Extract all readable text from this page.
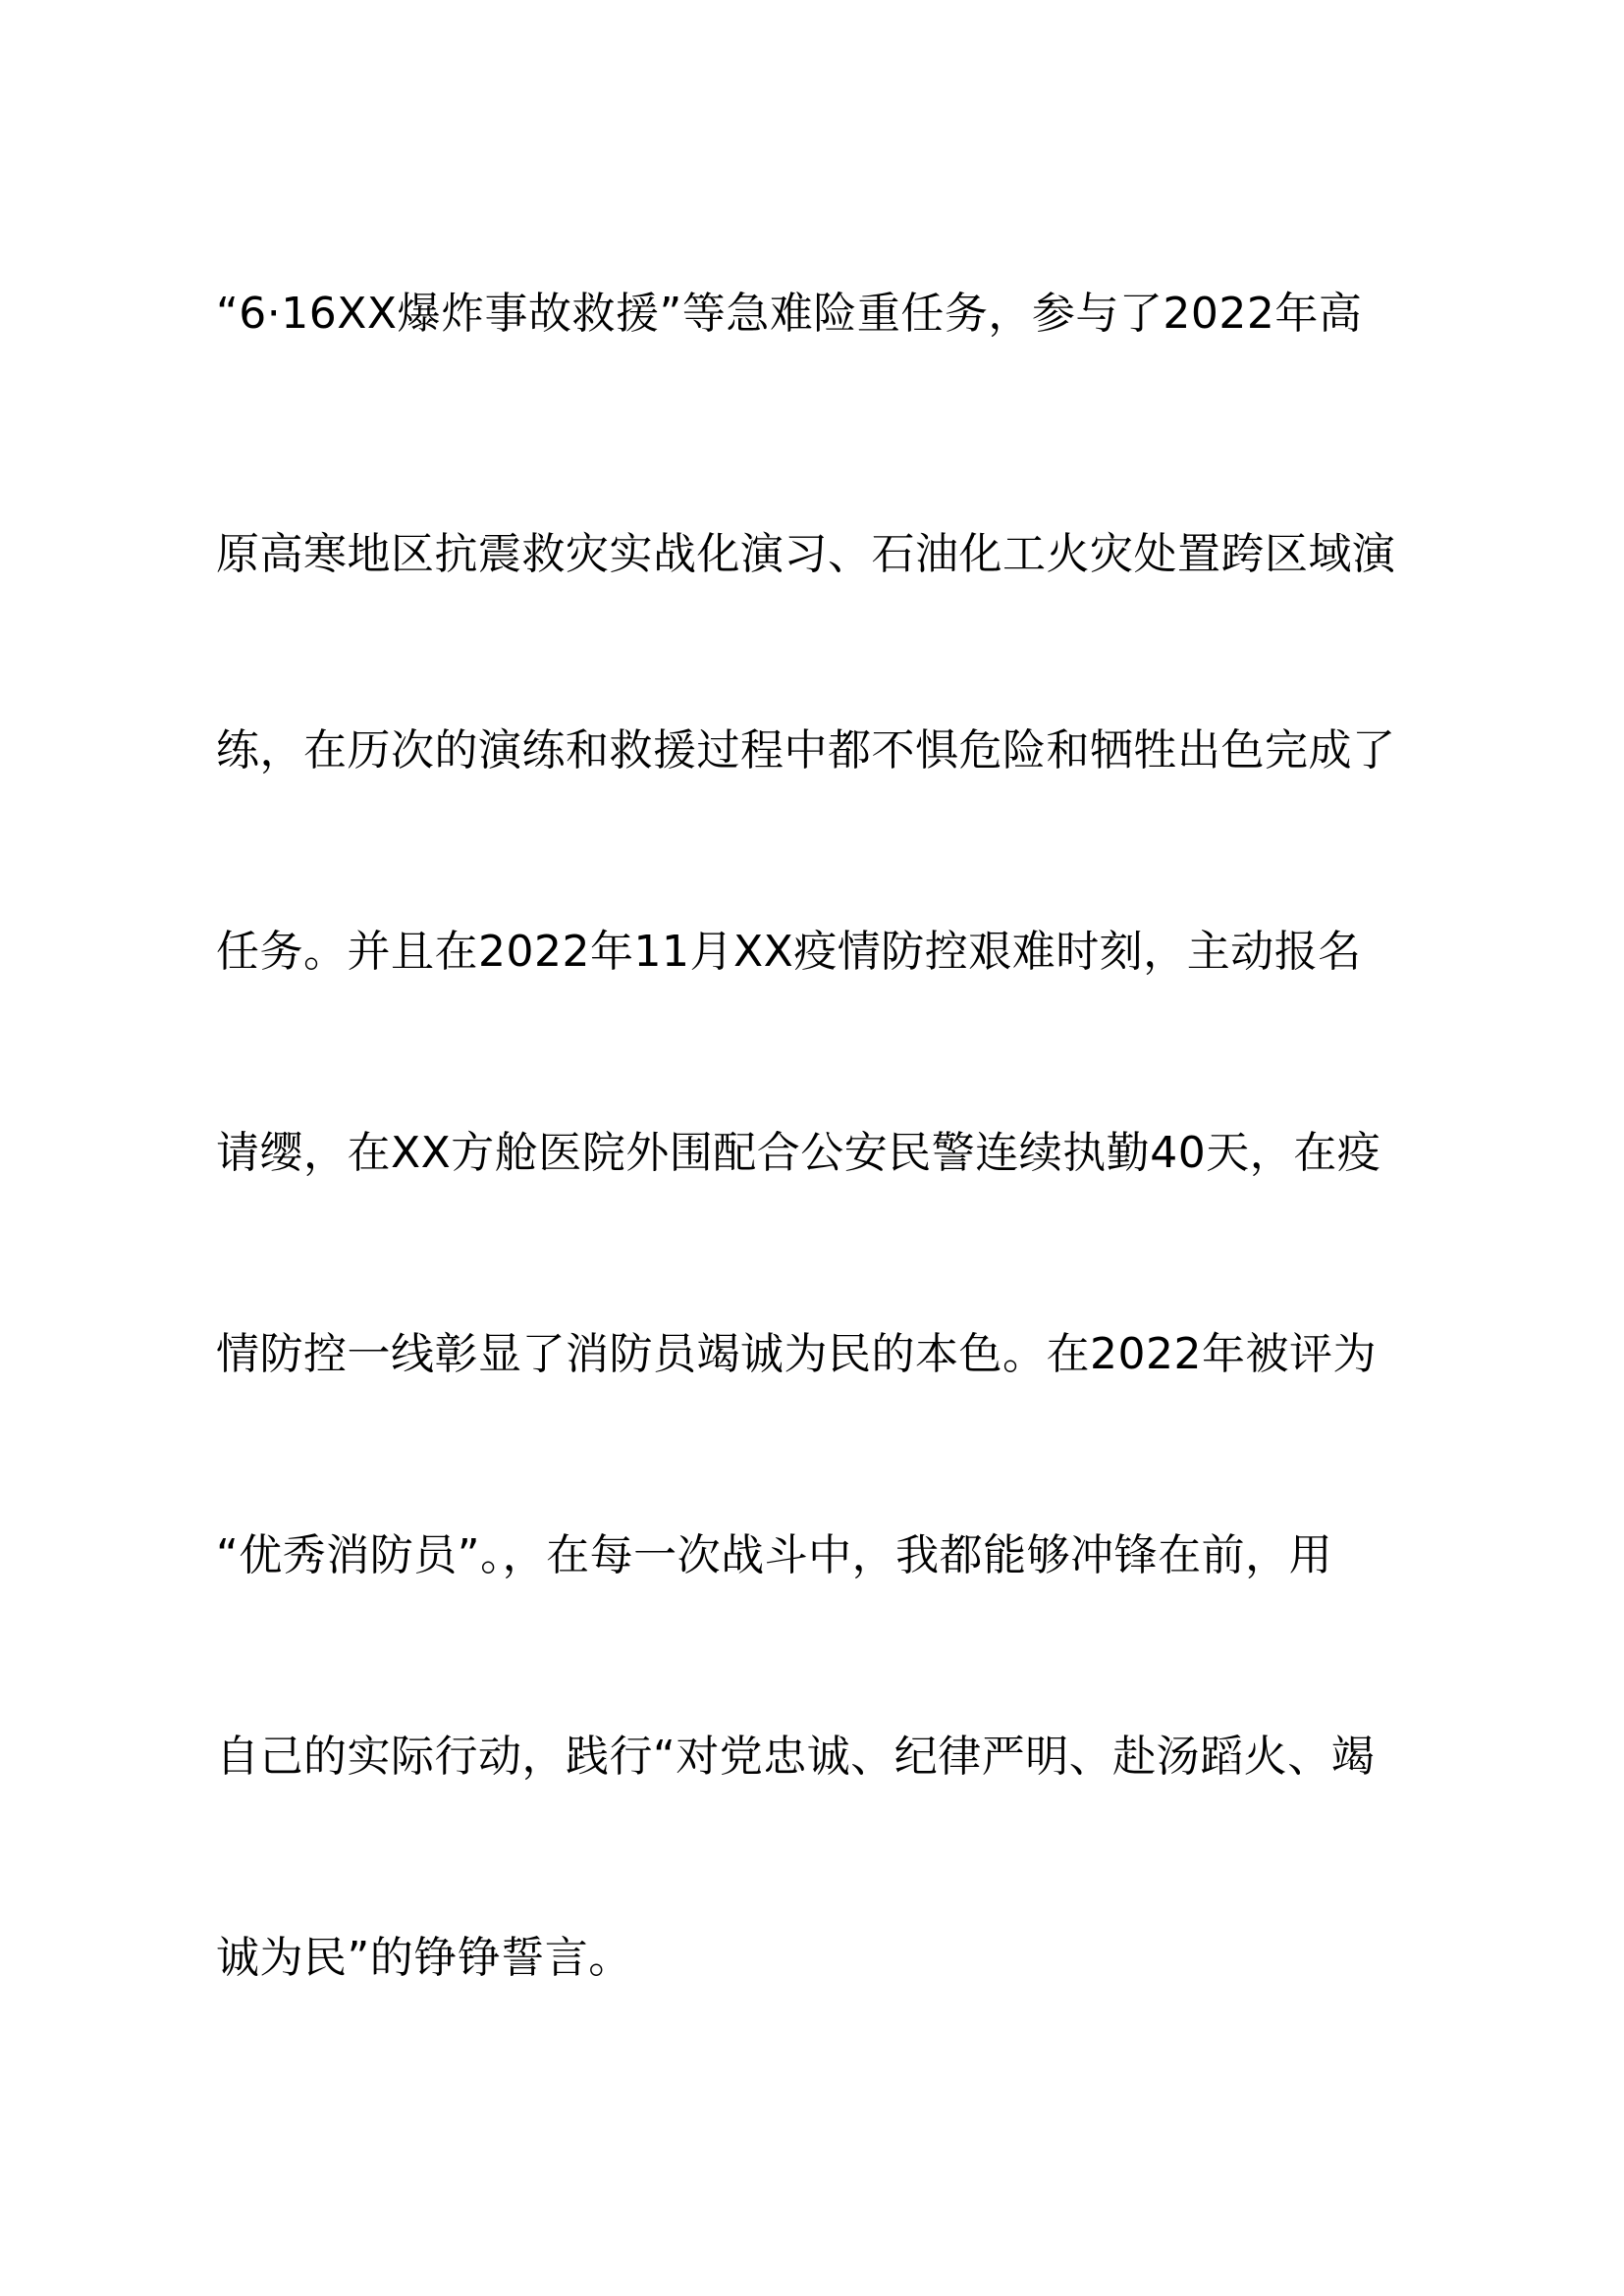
“6·16XX爆炸事故救援”等急难险重任务，参与了2022年高

原高寒地区抗震救灾实战化演习、石油化工火灾处置跨区域演

练，在历次的演练和救援过程中都不惧危险和牺牲出色完成了

任务。并且在2022年11月XX疫情防控艰难时刻，主动报名

请缨，在XX方舱医院外围配合公安民警连续执勤40天，在疫

情防控一线彰显了消防员竭诚为民的本色。在2022年被评为

“优秀消防员”。，在每一次战斗中，我都能够冲锋在前，用

自己的实际行动，践行“对党忠诚、纪律严明、赴汤蹈火、竭

诚为民”的铮铮誓言。
